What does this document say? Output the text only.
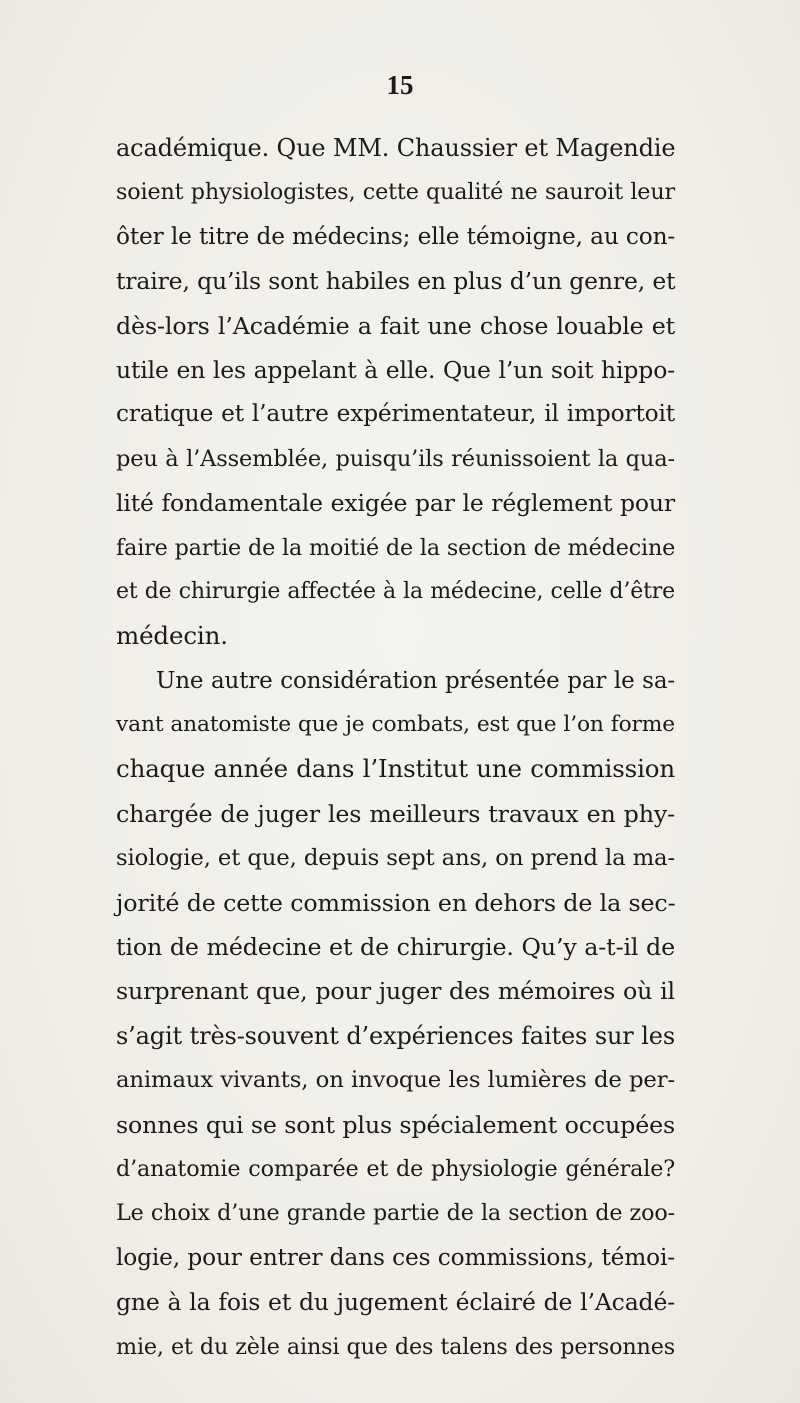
15
académique. Que MM. Chaussier et Magendie
soient physiologistes, cette qualité ne sauroit leur
ôter le titre de médecins; elle témoigne, au con-
traire, qu’ils sont habiles en plus d’un genre, et
dès-lors l’Académie a fait une chose louable et
utile en les appelant à elle. Que l’un soit hippo-
cratique et l’autre expérimentateur, il importoit
peu à l’Assemblée, puisqu’ils réunissoient la qua-
lité fondamentale exigée par le réglement pour
faire partie de la moitié de la section de médecine
et de chirurgie affectée à la médecine, celle d’être
médecin.
Une autre considération présentée par le sa-
vant anatomiste que je combats, est que l’on forme
chaque année dans l’Institut une commission
chargée de juger les meilleurs travaux en phy-
siologie, et que, depuis sept ans, on prend la ma-
jorité de cette commission en dehors de la sec-
tion de médecine et de chirurgie. Qu’y a-t-il de
surprenant que, pour juger des mémoires où il
s’agit très-souvent d’expériences faites sur les
animaux vivants, on invoque les lumières de per-
sonnes qui se sont plus spécialement occupées
d’anatomie comparée et de physiologie générale?
Le choix d’une grande partie de la section de zoo-
logie, pour entrer dans ces commissions, témoi-
gne à la fois et du jugement éclairé de l’Acadé-
mie, et du zèle ainsi que des talens des personnes
